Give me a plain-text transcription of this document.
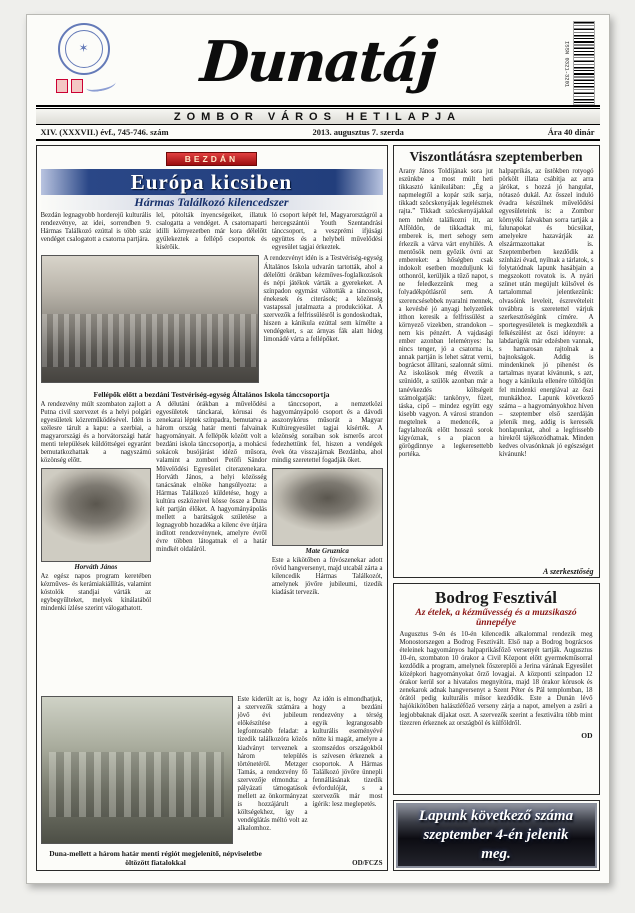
✶
Dunatáj	ISSN 0321-3201
ZOMBOR VÁROS HETILAPJA
XIV. (XXXVII.) évf., 745-746. szám	2013. augusztus 7. szerda	Ára 40 dinár
BEZDÁN
Európa kicsiben
Hármas Találkozó kilencedszer

Bezdán legnagyobb horderejű kulturális rendezvénye, az idei, sorrendben 9. Hármas Találkozó ezúttal is több száz vendéget csalogatott a csatorna partjára.

lel, pótolták ínyencségeiket, illatuk csalogatta a vendéget. A csatornaparti idilli környezetben már kora délelőtt gyülekeztek a fellépő csoportok és kísérőik.

ló csoport képét fel, Magyarországról a hercegszántói Youth Szentandrási tánccsoport, a veszprémi ifjúsági együttes és a helybeli művelődési egyesület tagjai érkeztek.

A rendezvényt idén is a Testvériség-egység Általános Iskola udvarán tartották, ahol a délelőtti órákban kézműves-foglalkozások és népi játékok várták a gyerekeket. A színpadon egymást váltották a táncosok, énekesek és citerások; a közönség vastapssal jutalmazta a produkciókat. A szervezők a felfrissülésről is gondoskodtak, hiszen a kánikula ezúttal sem kímélte a vendégeket, s az árnyas fák alatt hideg limonádé várta a fellépőket.

Fellépők előtt a bezdáni Testvériség-egység Általános Iskola tánccsoportja

A rendezvény múlt szombaton zajlott a Putna civil szervezet és a helyi polgári egyesületek közreműködésével. Idén is szélesre tárult a kapu: a szerbiai, a magyarországi és a horvátországi határ menti települések küldöttségei egyaránt bemutatkozhattak a nagyszámú közönség előtt.

Horváth János

Az egész napos program keretében kézműves- és kerámiakiállítás, valamint kóstolók standjai várták az egybegyűlteket, melyek kínálatából mindenki ízlése szerint válogathatott.

A délutáni órákban a művelődési egyesületek tánckarai, kórusai és zenekarai léptek színpadra, bemutatva a három ország határ menti falvainak hagyományait. A fellépők között volt a bezdáni iskola tánccsoportja, a mohácsi sokácok busójárást idéző műsora, valamint a zombori Petőfi Sándor Művelődési Egyesület citerazenekara. Horváth János, a helyi közösség tanácsának elnöke hangsúlyozta: a Hármas Találkozó küldetése, hogy a kultúra eszközeivel kösse össze a Duna két partján élőket. A hagyományápolás mellett a barátságok születése a legnagyobb hozadéka a kilenc éve útjára indított rendezvénynek, amelyre évről évre többen látogatnak el a határ mindkét oldaláról.

a tánccsoport, a nemzetközi hagyományápoló csoport és a dávodi asszonykórus műsorát a Magyar Kultúregyesület tagjai kísérték. A közönség soraiban sok ismerős arcot fedezhettünk fel, hiszen a vendégek évek óta visszajárnak Bezdánba, ahol mindig szeretettel fogadják őket.

Mate Gruznica

Este a kikötőben a fúvószenekar adott rövid hangversenyt, majd utcabál zárta a kilencedik Hármas Találkozót, amelynek jövőre jubileumi, tizedik kiadását tervezik.

Este kiderült az is, hogy a szervezők számára a jövő évi jubileum előkészítése a legfontosabb feladat: a tizedik találkozóra közös kiadványt terveznek a három település történetéről. Metzger Tamás, a rendezvény fő szervezője elmondta: a pályázati támogatások mellett az önkormányzat is hozzájárult a költségekhez, így a vendéglátás méltó volt az alkalomhoz.

Az idén is elmondhatjuk, hogy a bezdáni rendezvény a térség egyik legrangosabb kulturális eseményévé nőtte ki magát, amelyre a szomszédos országokból is szívesen érkeznek a csoportok. A Hármas Találkozó jövőre ünnepli fennállásának tizedik évfordulóját, s a szervezők már most ígérik: lesz meglepetés.

Duna-mellett a három határ menti régiót megjelenítő, népviseletbe öltözött fiatalokkal	OD/FCZS
Viszontlátásra szeptemberben

Arany János Toldijának sora jut eszünkbe a most múlt heti tikkasztó kánikulában: „Ég a napmelegtől a kopár szík sarja, tikkadt szöcskenyájak legelésznek rajta.” Tikkadt szöcskenyájakkal nem nehéz találkozni itt, az Alföldön, de tikkadtak mi, emberek is, mert sehogy sem érkezik a várva várt enyhülés. A mentősök nem győzik óvni az embereket: a hőségben csak indokolt esetben mozduljunk ki otthonról, kerüljük a tűző napot, s ne feledkezzünk meg a folyadékpótlásról sem. A szerencsésebbek nyaralni mennek, a kevésbé jó anyagi helyzetűek itthon keresik a felfrissülést a környező vizekben, strandokon – nem kis pénzért. A vajdasági ember azonban leleményes: ha nincs tenger, jó a csatorna is, annak partján is lehet sátrat verni, bográcsot állítani, szalonnát sütni. Az iskolások még élvezik a szünidőt, a szülők azonban már a tanévkezdés költségeit számolgatják: tankönyv, füzet, táska, cipő – mindez együtt egy kisebb vagyon. A városi strandon megtelnek a medencék, a fagylaltozók előtt hosszú sorok kígyóznak, s a piacon a görögdinnye a legkeresettebb portéka.

halpaprikás, az üstökben rotyogó pörkölt illata csábítja az arra járókat, s hozzá jó hangulat, nótaszó dukál. Az ősszel induló évadra készülnek művelődési egyesületeink is: a Zombor környéki falvakban sorra tartják a falunapokat és búcsúkat, amelyekre hazavárják az elszármazottakat is. Szeptemberben kezdődik a színházi évad, nyílnak a tárlatok, s folytatódnak lapunk hasábjain a megszokott rovatok is. A nyári szünet után megújult külsővel és tartalommal jelentkezünk: olvasóink leveleit, észrevételeit továbbra is szeretettel várjuk szerkesztőségünk címére. A sportegyesületek is megkezdték a felkészülést az őszi idényre: a labdarúgók már edzésben vannak, s hamarosan rajtolnak a bajnokságok. Addig is mindenkinek jó pihenést és tartalmas nyarat kívánunk, s azt, hogy a kánikula ellenére töltődjön fel mindenki energiával az őszi munkákhoz. Lapunk következő száma – a hagyományokhoz híven – szeptember első szerdáján jelenik meg, addig is keressék honlapunkat, ahol a legfrissebb hírekről tájékozódhatnak. Minden kedves olvasónknak jó egészséget kívánunk!

A szerkesztőség

Bodrog Fesztivál
Az ételek, a kézművesség és a muzsikaszó ünnepélye

Augusztus 9-én és 10-én kilencedik alkalommal rendezik meg Monostorszegen a Bodrog Fesztivált. Első nap a Bodrog bográcsos ételeinek hagyományos halpaprikásfőző versenyét tartják. Augusztus 10-én, szombaton 10 órakor a Civil Központ előtt gyermekműsorral kezdődik a program, amelynek főszereplői a Jerina várának Egyesület középkori hagyományokat őrző lovagjai. A központi színpadon 12 órakor kerül sor a hivatalos megnyitóra, majd 18 órakor kórusok és zenekarok adnak hangversenyt a Szent Péter és Pál templomban, 18 órától pedig kulturális műsor kezdődik. Este a Dunán lévő hajókikötőben halászléfőző verseny zárja a napot, amelyen a zsűri a legjobbaknak díjakat oszt. A szervezők szerint a fesztiválra több mint tízezren érkeznek az országból és külföldről.

OD

Lapunk következő száma szeptember 4-én jelenik meg.
